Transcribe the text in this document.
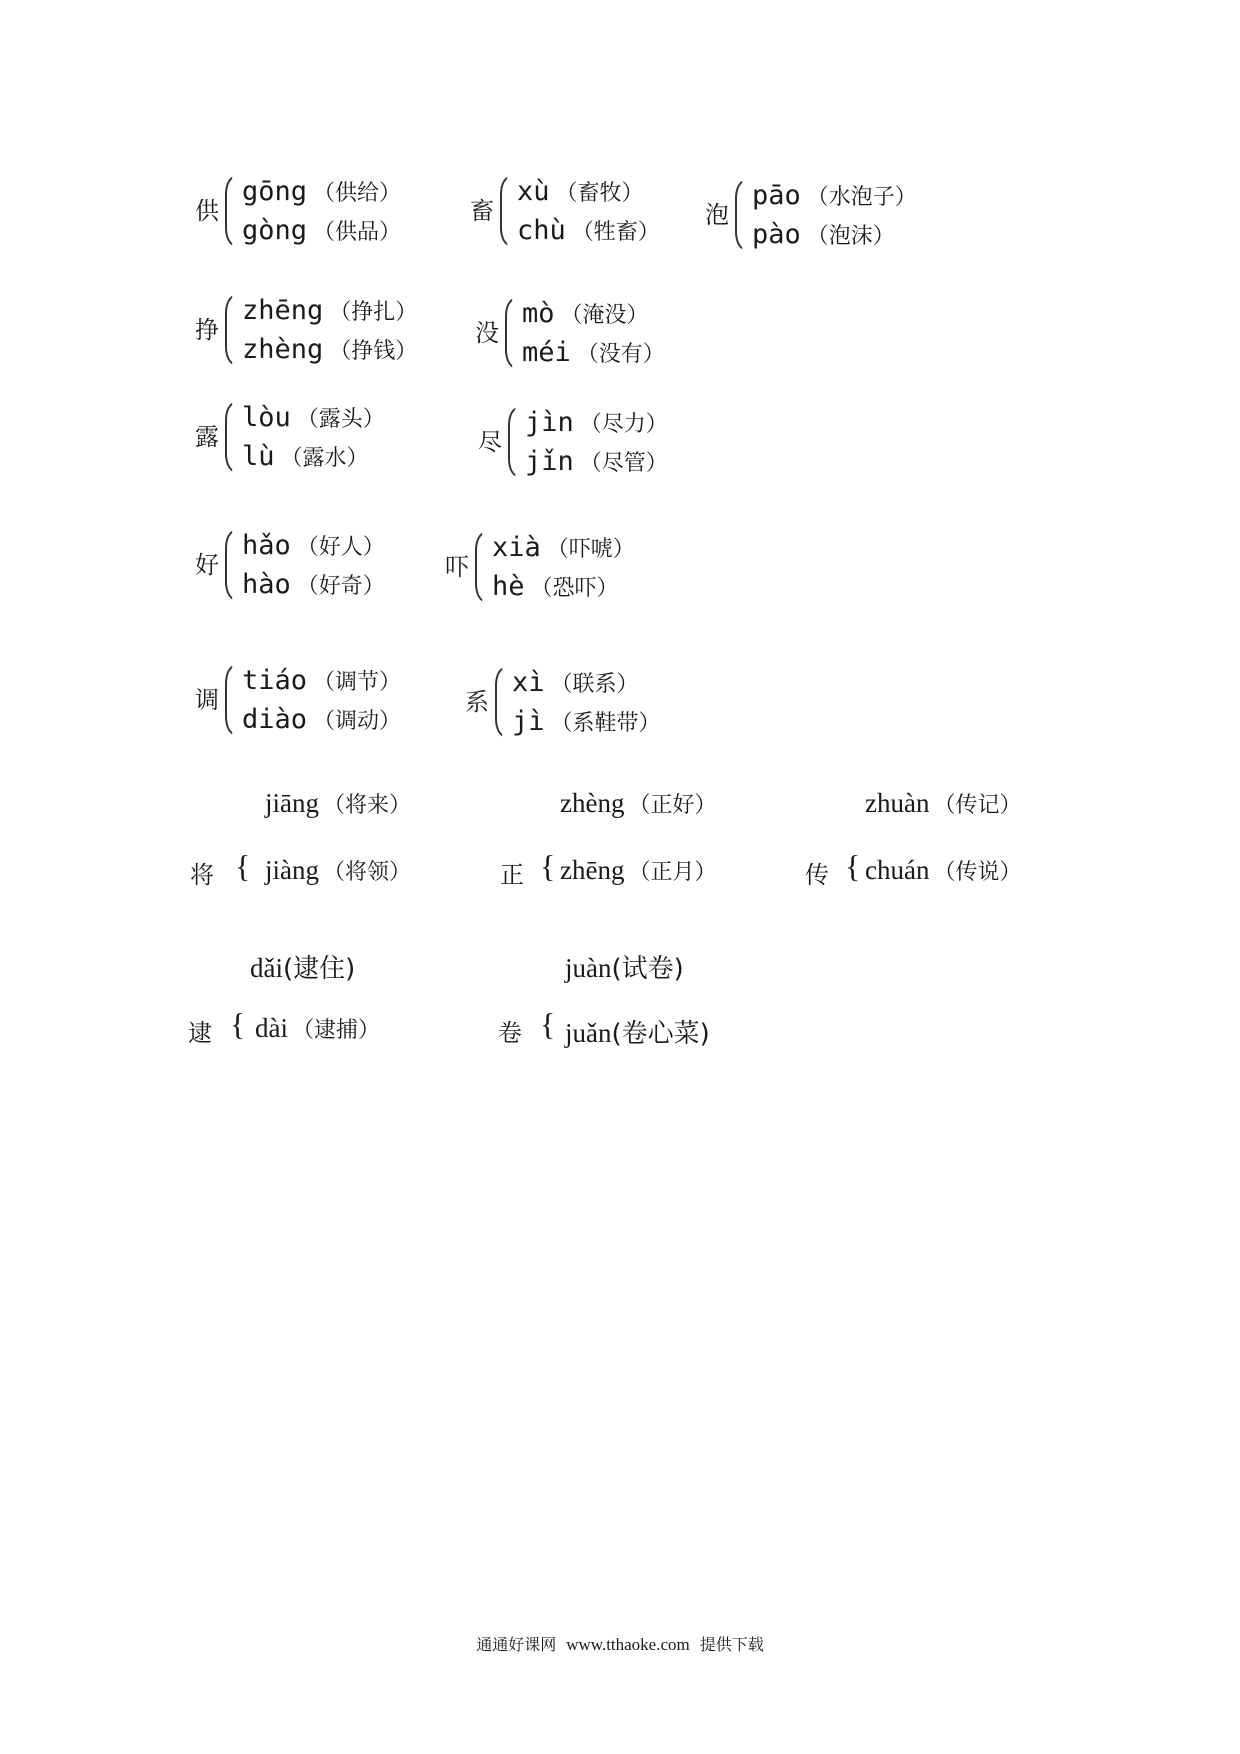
供
gōng （供给）
gòng （供品）
畜
xù （畜牧）
chù （牲畜）
泡
pāo （水泡子）
pào （泡沫）
挣
zhēng （挣扎）
zhèng （挣钱）
没
mò （淹没）
méi （没有）
露
lòu （露头）
lù （露水）
尽
jìn （尽力）
jǐn （尽管）
好
hǎo （好人）
hào （好奇）
吓
xià （吓唬）
hè （恐吓）
调
tiáo （调节）
diào （调动）
系
xì （联系）
jì （系鞋带）
jiāng （将来）
将 { jiàng （将领）
zhèng （正好）
正 { zhēng （正月）
zhuàn （传记）
传 { chuán （传说）
dǎi(逮住)
逮 { dài （逮捕）
juàn(试卷)
卷 { juǎn(卷心菜)
通通好课网 www.tthaoke.com 提供下载
